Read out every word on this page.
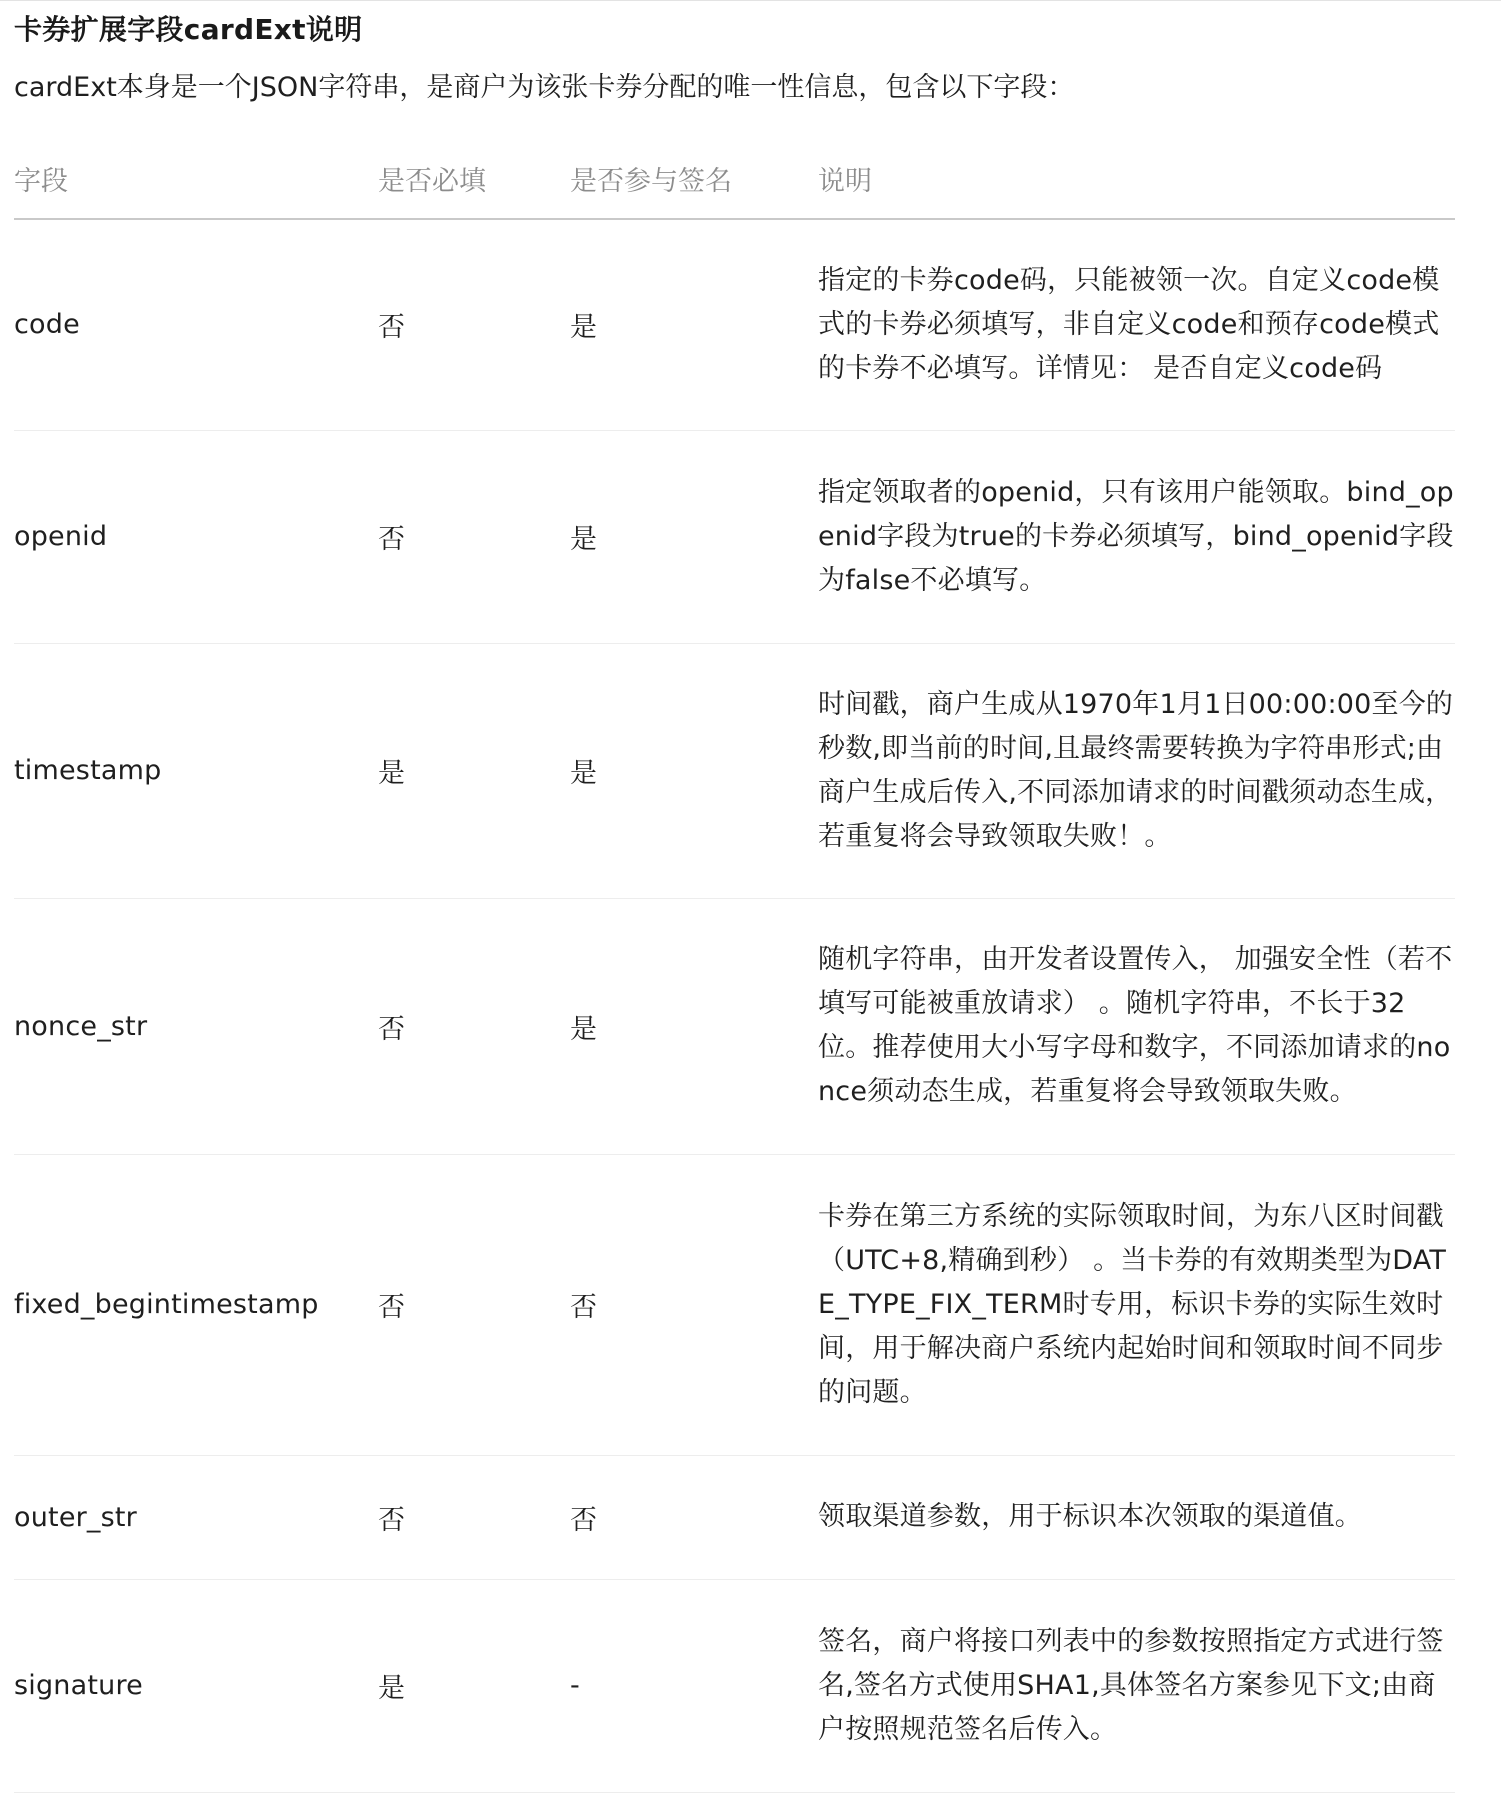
卡券扩展字段cardExt说明
cardExt本身是一个JSON字符串，是商户为该张卡券分配的唯一性信息，包含以下字段：
字段	是否必填	是否参与签名	说明
code	否	是	指定的卡券code码，只能被领一次。自定义code模式的卡券必须填写，非自定义code和预存code模式的卡券不必填写。详情见： 是否自定义code码
openid	否	是	指定领取者的openid，只有该用户能领取。bind_openid字段为true的卡券必须填写，bind_openid字段为false不必填写。
timestamp	是	是	时间戳，商户生成从1970年1月1日00:00:00至今的秒数,即当前的时间,且最终需要转换为字符串形式;由商户生成后传入,不同添加请求的时间戳须动态生成，若重复将会导致领取失败！。
nonce_str	否	是	随机字符串，由开发者设置传入， 加强安全性（若不填写可能被重放请求） 。随机字符串，不长于32位。推荐使用大小写字母和数字，不同添加请求的nonce须动态生成，若重复将会导致领取失败。
fixed_begintimestamp	否	否	卡券在第三方系统的实际领取时间，为东八区时间戳（UTC+8,精确到秒） 。当卡券的有效期类型为DAT E_TYPE_FIX_TERM时专用，标识卡券的实际生效时间，用于解决商户系统内起始时间和领取时间不同步的问题。
outer_str	否	否	领取渠道参数，用于标识本次领取的渠道值。
signature	是	-	签名，商户将接口列表中的参数按照指定方式进行签名,签名方式使用SHA1,具体签名方案参见下文;由商户按照规范签名后传入。
